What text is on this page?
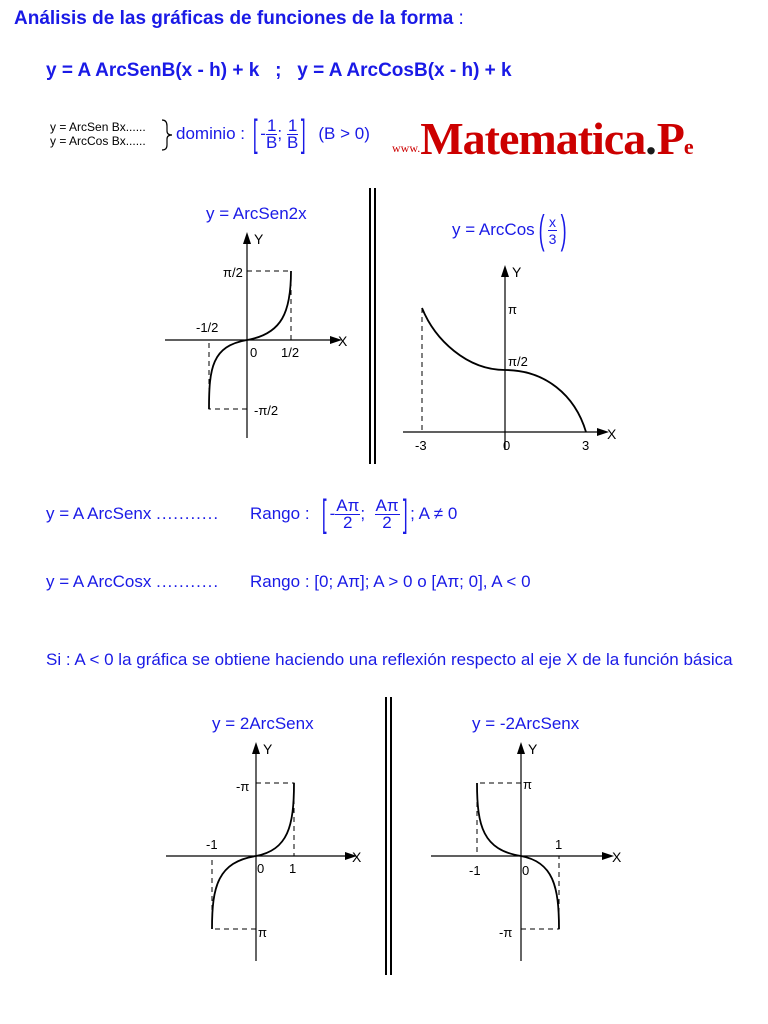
Análisis de las gráficas de funciones de la forma :
y = A ArcSenB(x - h) + k   ;   y = A ArcCosB(x - h) + k
y = ArcSen Bx......
y = ArcCos Bx...... dominio :
[ - $\frac{1}{B}$ ;
$\frac{1}{B}$ ]
(B > 0)
www.Matematica.Pe
y = ArcSen2x
Y
X
π/2
-π/2
-1/2
0 1/2
y = ArcCos ( $\frac{x}{3}$ )
Y
X
π
π/2
-3	0	3
y = A ArcSenx ........... Rango :

[ - $\frac{A\pi}{2}$ ;

$\frac{A\pi}{2}$ ] ; A ≠ 0
y = A ArcCosx ........... Rango : [0; Aπ]; A > 0 o [Aπ; 0], A < 0
Si : A < 0 la gráfica se obtiene haciendo una reflexión respecto al eje X de la función básica
y = 2ArcSenx
Y
X
-π
π
-1
0 1
y = -2ArcSenx
Y
X
π
-π
-1	0
1
